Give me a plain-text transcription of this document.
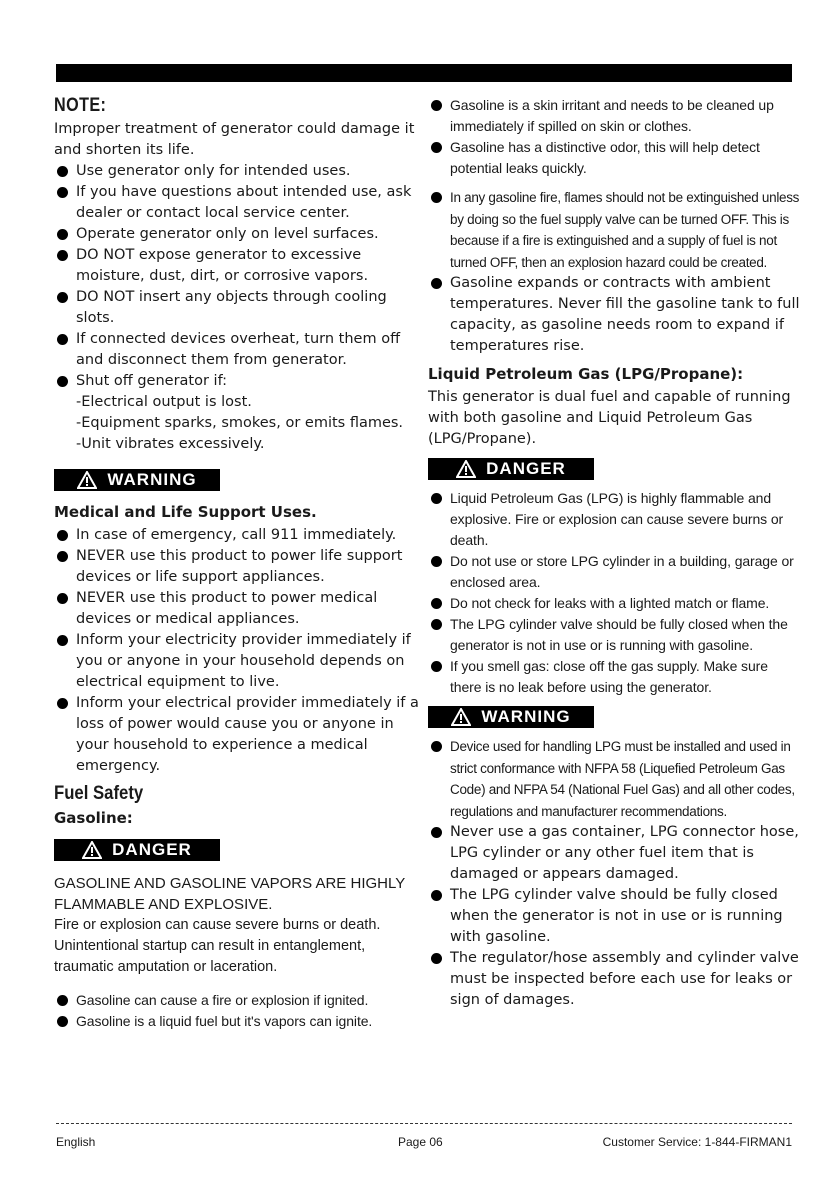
NOTE:

Improper treatment of generator could damage it and shorten its life.

Use generator only for intended uses.
If you have questions about intended use, ask dealer or contact local service center.
Operate generator only on level surfaces.
DO NOT expose generator to excessive moisture, dust, dirt, or corrosive vapors.
DO NOT insert any objects through cooling slots.
If connected devices overheat, turn them off and disconnect them from generator.
Shut off generator if:

-Electrical output is lost.

-Equipment sparks, smokes, or emits flames.

-Unit vibrates excessively.

WARNING
Medical and Life Support Uses.
In case of emergency, call 911 immediately.
NEVER use this product to power life support devices or life support appliances.
NEVER use this product to power medical devices or medical appliances.
Inform your electricity provider immediately if you or anyone in your household depends on electrical equipment to live.
Inform your electrical provider immediately if a loss of power would cause you or anyone in your household to experience a medical emergency.
Fuel Safety
Gasoline:
DANGER

GASOLINE AND GASOLINE VAPORS ARE HIGHLY FLAMMABLE AND EXPLOSIVE.

Fire or explosion can cause severe burns or death. Unintentional startup can result in entanglement, traumatic amputation or laceration.

Gasoline can cause a fire or explosion if ignited.
Gasoline is a liquid fuel but it's vapors can ignite.
Gasoline is a skin irritant and needs to be cleaned up immediately if spilled on skin or clothes.
Gasoline has a distinctive odor, this will help detect potential leaks quickly.
In any gasoline fire, flames should not be extinguished unless by doing so the fuel supply valve can be turned OFF. This is because if a fire is extinguished and a supply of fuel is not turned OFF, then an explosion hazard could be created.
Gasoline expands or contracts with ambient temperatures. Never fill the gasoline tank to full capacity, as gasoline needs room to expand if temperatures rise.
Liquid Petroleum Gas (LPG/Propane):

This generator is dual fuel and capable of running with both gasoline and Liquid Petroleum Gas (LPG/Propane).

DANGER
Liquid Petroleum Gas (LPG) is highly flammable and explosive. Fire or explosion can cause severe burns or death.
Do not use or store LPG cylinder in a building, garage or enclosed area.
Do not check for leaks with a lighted match or flame.
The LPG cylinder valve should be fully closed when the generator is not in use or is running with gasoline.
If you smell gas: close off the gas supply. Make sure there is no leak before using the generator.
WARNING
Device used for handling LPG must be installed and used in strict conformance with NFPA 58 (Liquefied Petroleum Gas Code) and NFPA 54 (National Fuel Gas) and all other codes, regulations and manufacturer recommendations.
Never use a gas container, LPG connector hose, LPG cylinder or any other fuel item that is damaged or appears damaged.
The LPG cylinder valve should be fully closed when the generator is not in use or is running with gasoline.
The regulator/hose assembly and cylinder valve must be inspected before each use for leaks or sign of damages.
English	Page 06	Customer Service: 1-844-FIRMAN1
